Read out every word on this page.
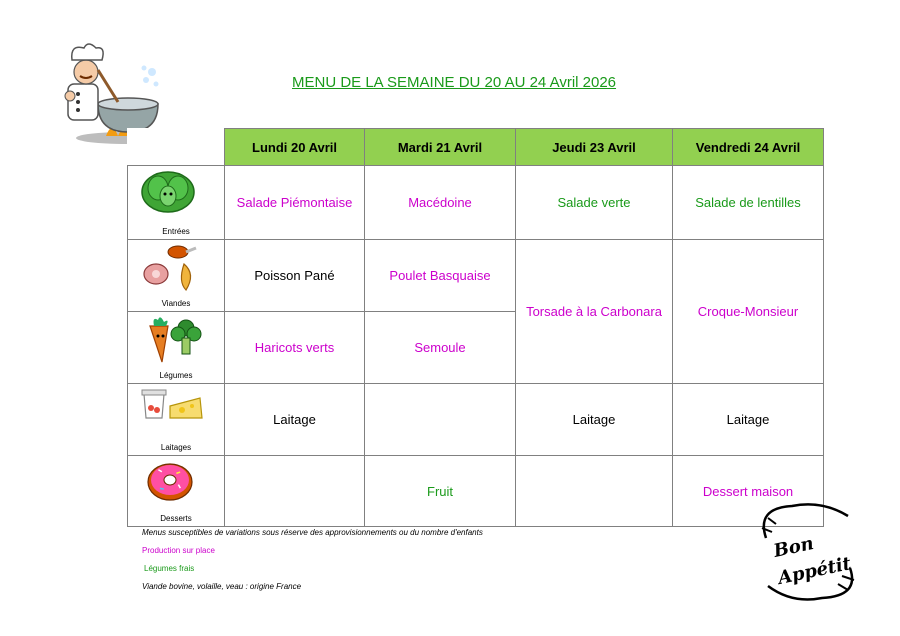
MENU DE LA SEMAINE DU 20 AU 24 Avril 2026
	Lundi 20 Avril	Mardi 21 Avril	Jeudi 23 Avril	Vendredi 24 Avril

Entrées	Salade Piémontaise	Macédoine	Salade verte	Salade de lentilles

Viandes	Poisson Pané	Poulet Basquaise	Torsade à la Carbonara	Croque-Monsieur

Légumes	Haricots verts	Semoule		

Laitages	Laitage		Laitage	Laitage

Desserts		Fruit		Dessert maison
Menus susceptibles de variations sous réserve des approvisionnements ou du nombre d'enfants
Production sur place
Légumes frais
Viande bovine, volaille, veau : origine France
Bon
Appétit
